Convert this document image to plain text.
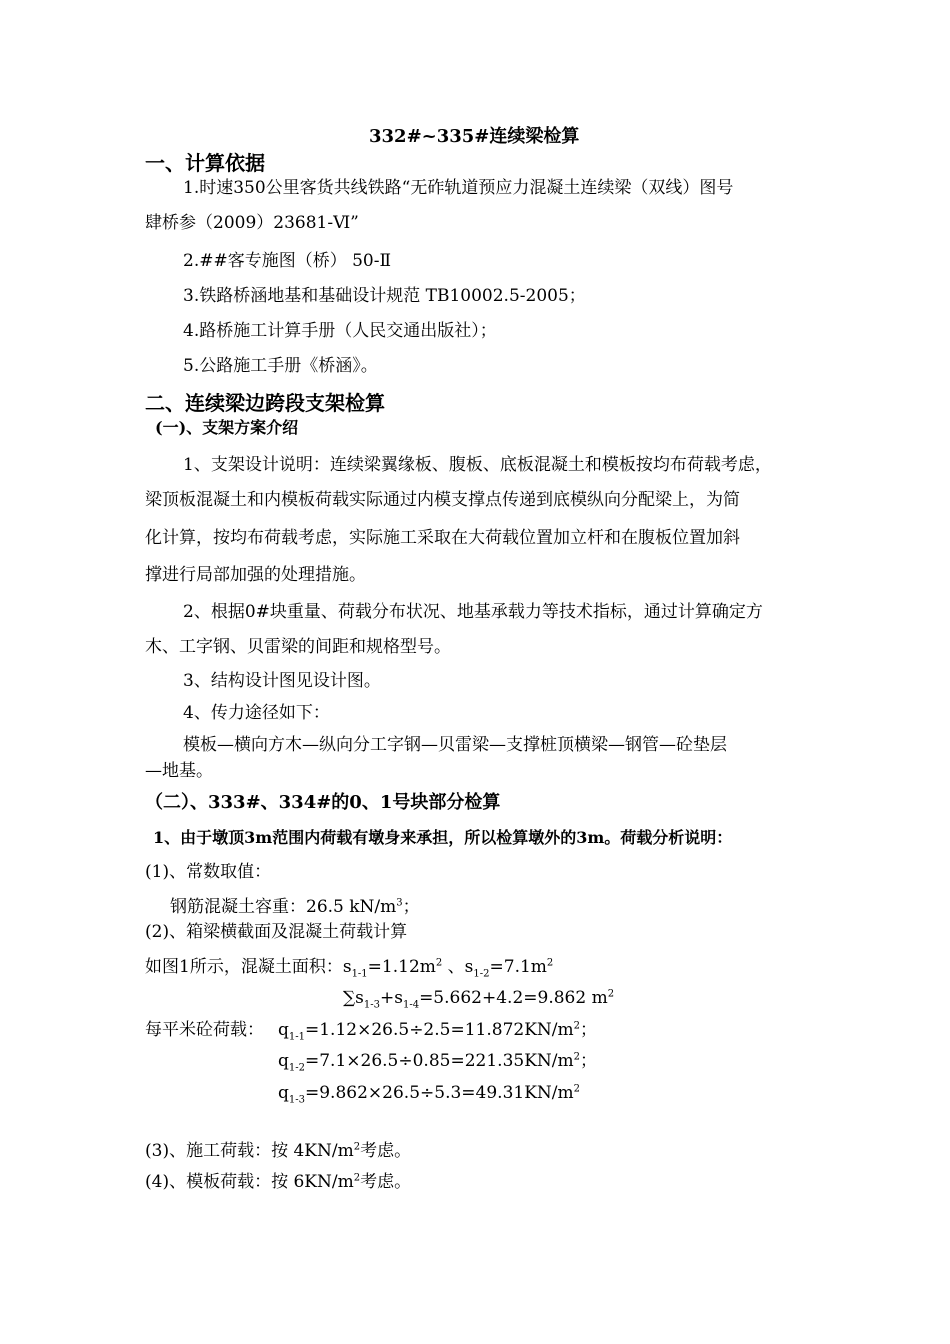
332#~335#连续梁检算
一、计算依据
1.时速350公里客货共线铁路“无砟轨道预应力混凝土连续梁（双线）图号
肆桥参（2009）23681-Ⅵ”
2.##客专施图（桥） 50-Ⅱ
3.铁路桥涵地基和基础设计规范 TB10002.5-2005；
4.路桥施工计算手册（人民交通出版社）；
5.公路施工手册《桥涵》。
二、连续梁边跨段支架检算
(一)、支架方案介绍
1、支架设计说明：连续梁翼缘板、腹板、底板混凝土和模板按均布荷载考虑，
梁顶板混凝土和内模板荷载实际通过内模支撑点传递到底模纵向分配梁上，为简
化计算，按均布荷载考虑，实际施工采取在大荷载位置加立杆和在腹板位置加斜
撑进行局部加强的处理措施。
2、根据0#块重量、荷载分布状况、地基承载力等技术指标，通过计算确定方
木、工字钢、贝雷梁的间距和规格型号。
3、结构设计图见设计图。
4、传力途径如下：
模板—横向方木—纵向分工字钢—贝雷梁—支撑桩顶横梁—钢管—砼垫层
—地基。
（二）、333#、334#的0、1号块部分检算
1、由于墩顶3m范围内荷载有墩身来承担，所以检算墩外的3m。荷载分析说明：
(1)、常数取值：
钢筋混凝土容重：26.5 $kN/m^3$；
(2)、箱梁横截面及混凝土荷载计算
如图1所示，混凝土面积：$s_{1-1}=1.12m^2$ 、$s_{1-2}=7.1m^2$
$\sum s_{1-3}+s_{1-4}=5.662+4.2=9.862$ $m^2$
每平米砼荷载： $q_{1-1}=1.12\times 26.5\div 2.5=11.872KN/m^2$；
$q_{1-2}=7.1\times 26.5\div 0.85=221.35KN/m^2$；
$q_{1-3}=9.862\times 26.5\div 5.3=49.31KN/m^2$
(3)、施工荷载：按 $4KN/m^2$考虑。
(4)、模板荷载：按 $6KN/m^2$考虑。
